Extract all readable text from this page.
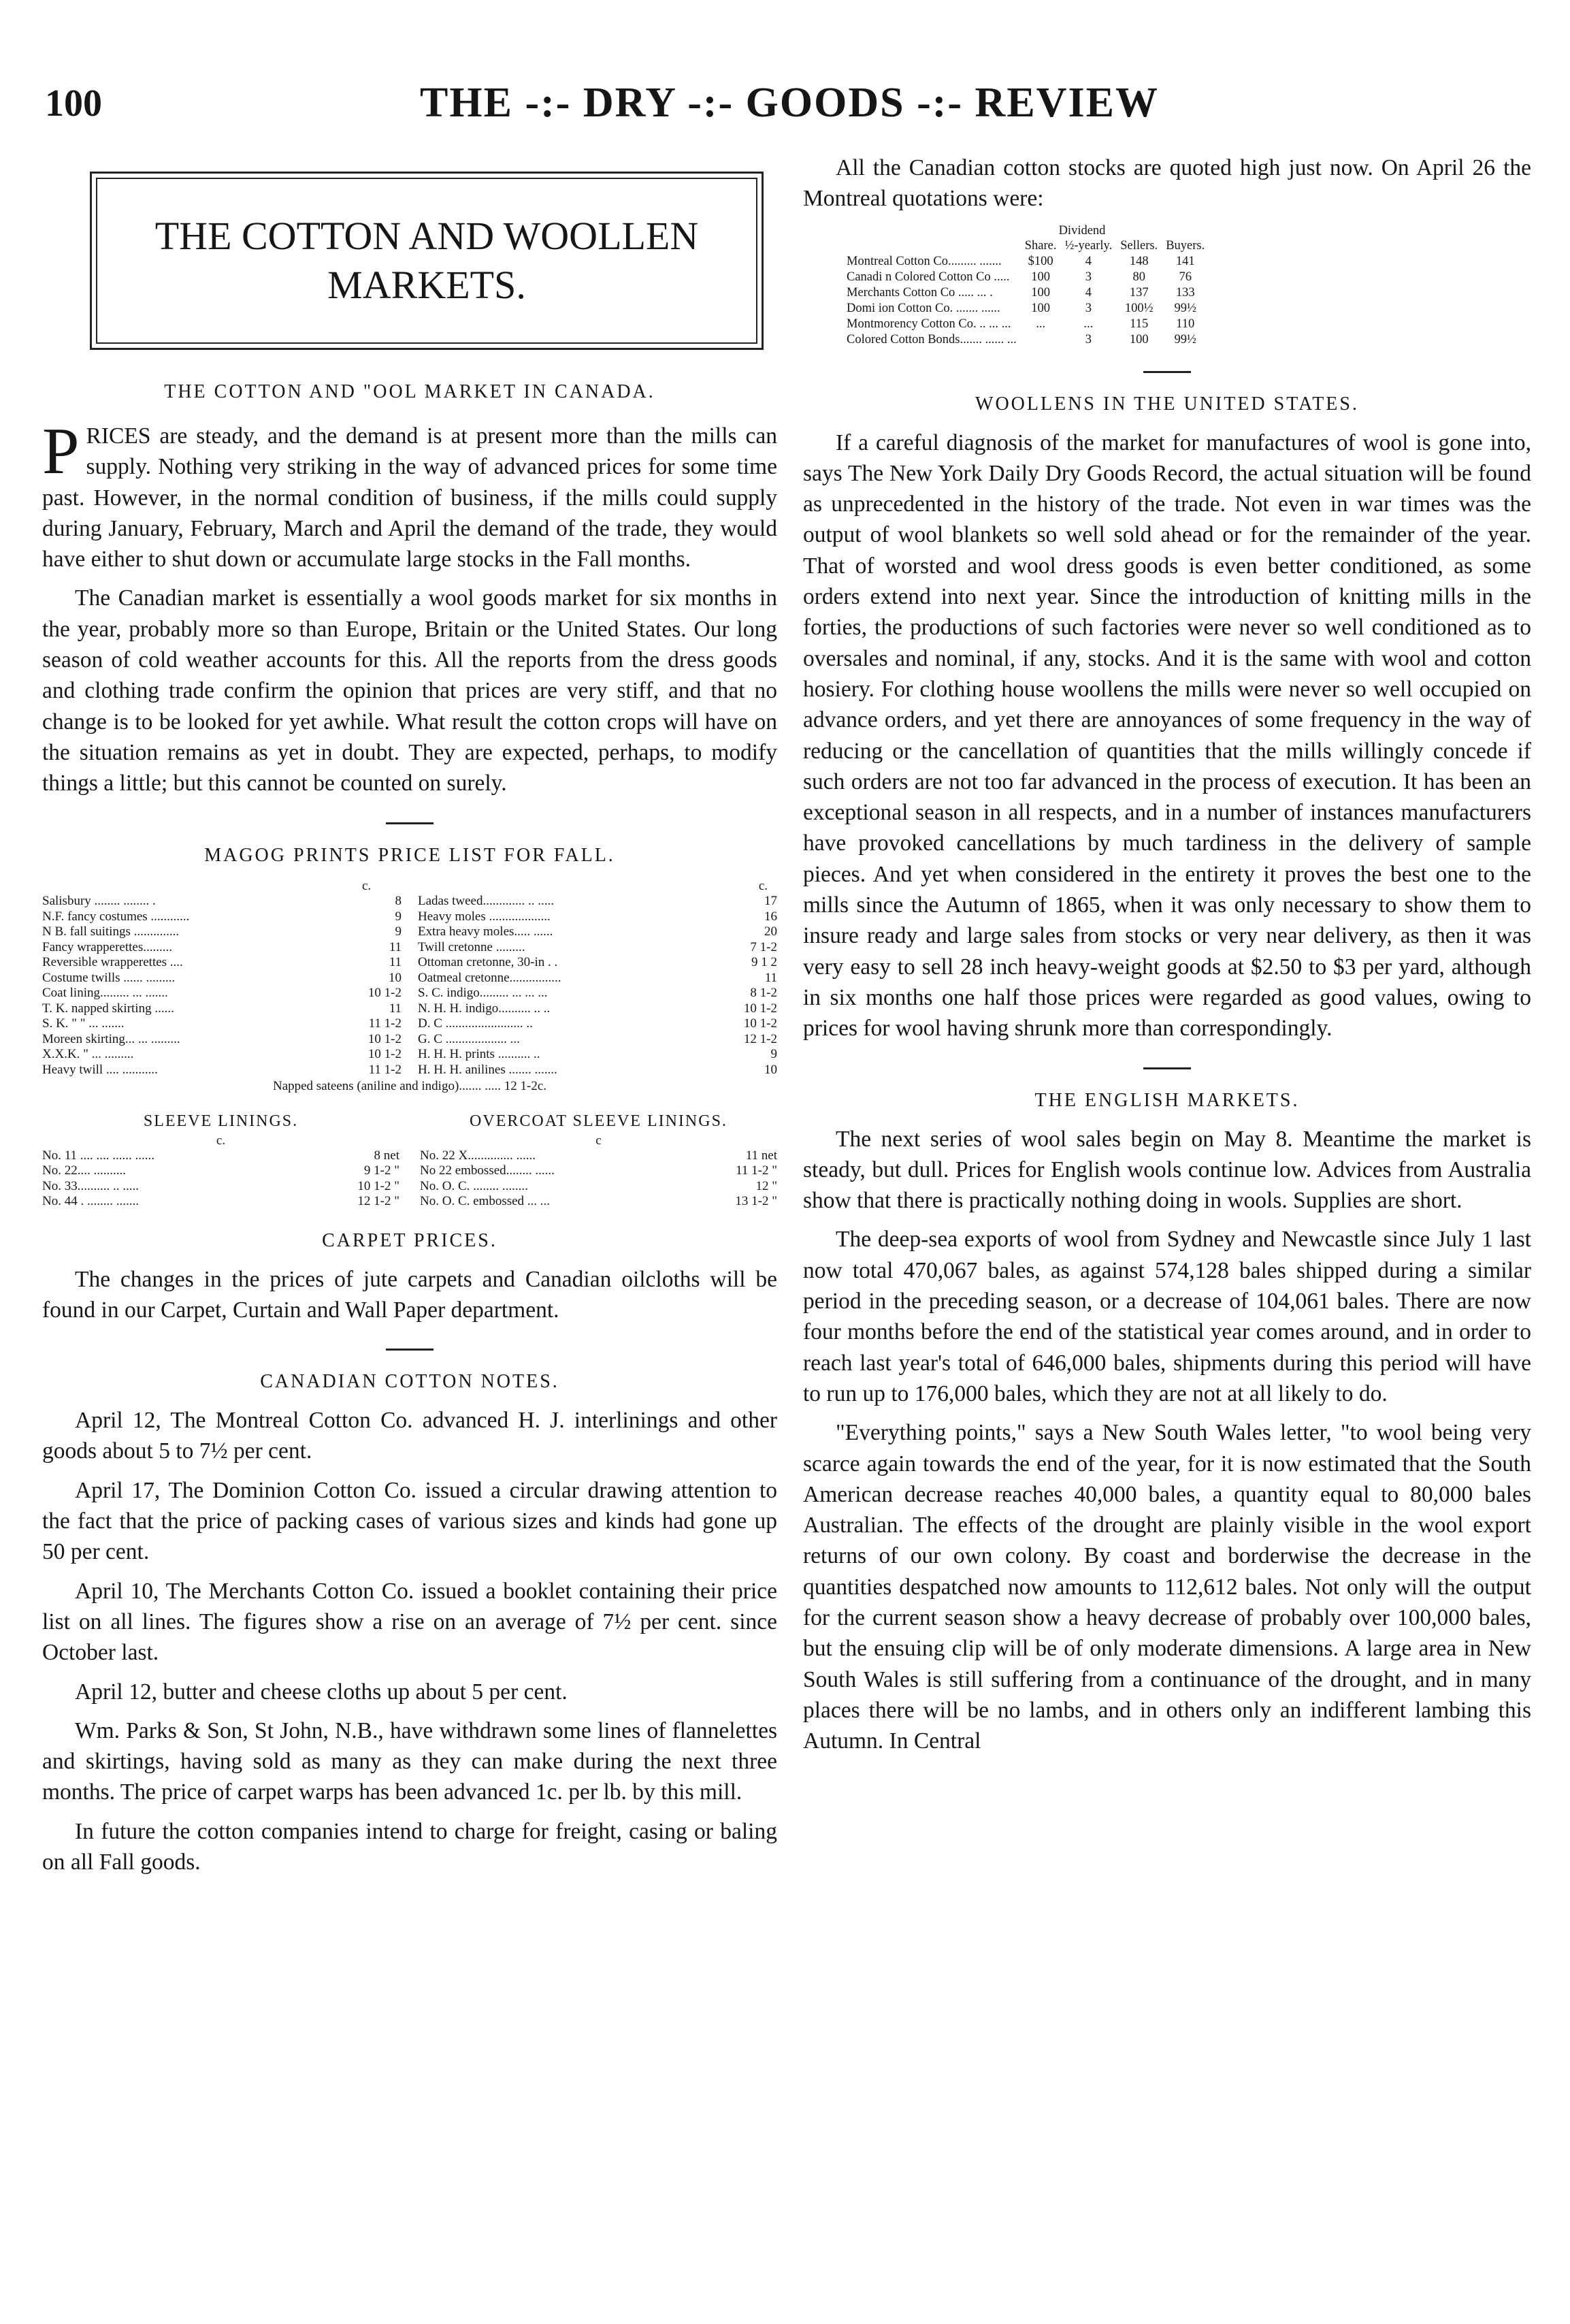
100	THE -:- DRY -:- GOODS -:- REVIEW
THE COTTON AND WOOLLEN MARKETS.
THE COTTON AND "OOL MARKET IN CANADA.

PRICES are steady, and the demand is at present more than the mills can supply. Nothing very striking in the way of advanced prices for some time past. However, in the normal condition of business, if the mills could supply during January, February, March and April the demand of the trade, they would have either to shut down or accumulate large stocks in the Fall months.

The Canadian market is essentially a wool goods market for six months in the year, probably more so than Europe, Britain or the United States. Our long season of cold weather accounts for this. All the reports from the dress goods and clothing trade confirm the opinion that prices are very stiff, and that no change is to be looked for yet awhile. What result the cotton crops will have on the situation remains as yet in doubt. They are expected, perhaps, to modify things a little; but this cannot be counted on surely.

MAGOG PRINTS PRICE LIST FOR FALL.
c.	c.
Salisbury ........ ........ .	8
N.F. fancy costumes ............	9
N B. fall suitings ..............	9
Fancy wrapperettes.........	11
Reversible wrapperettes ....	11
Costume twills ...... .........	10
Coat lining......... ... .......	10 1-2
T. K. napped skirting ......	11
S. K. " " ... .......	11 1-2
Moreen skirting... ... .........	10 1-2
X.X.K. " ... .........	10 1-2
Heavy twill .... ...........	11 1-2
Ladas tweed............. .. .....	17
Heavy moles ...................	16
Extra heavy moles..... ......	20
Twill cretonne .........	7 1-2
Ottoman cretonne, 30-in . .	9 1 2
Oatmeal cretonne................	11
S. C. indigo......... ... ... ...	8 1-2
N. H. H. indigo.......... .. ..	10 1-2
D. C ........................ ..	10 1-2
G. C ................... ...	12 1-2
H. H. H. prints .......... ..	9
H. H. H. anilines ....... .......	10
Napped sateens (aniline and indigo)....... ..... 12 1-2c.
SLEEVE LININGS.
c.
No. 11 .... .... ...... ......	8 net
No. 22.... ..........	9 1-2 "
No. 33.......... .. .....	10 1-2 "
No. 44 . ........ .......	12 1-2 "
OVERCOAT SLEEVE LININGS.
c
No. 22 X.............. ......	11 net
No 22 embossed........ ......	11 1-2 "
No. O. C. ........ ........	12 "
No. O. C. embossed ... ...	13 1-2 "
CARPET PRICES.

The changes in the prices of jute carpets and Canadian oilcloths will be found in our Carpet, Curtain and Wall Paper department.

CANADIAN COTTON NOTES.

April 12, The Montreal Cotton Co. advanced H. J. interlinings and other goods about 5 to 7½ per cent.

April 17, The Dominion Cotton Co. issued a circular drawing attention to the fact that the price of packing cases of various sizes and kinds had gone up 50 per cent.

April 10, The Merchants Cotton Co. issued a booklet containing their price list on all lines. The figures show a rise on an average of 7½ per cent. since October last.

April 12, butter and cheese cloths up about 5 per cent.

Wm. Parks & Son, St John, N.B., have withdrawn some lines of flannelettes and skirtings, having sold as many as they can make during the next three months. The price of carpet warps has been advanced 1c. per lb. by this mill.

In future the cotton companies intend to charge for freight, casing or baling on all Fall goods.

All the Canadian cotton stocks are quoted high just now. On April 26 the Montreal quotations were:

Dividend
	Share.	½-yearly.	Sellers.	Buyers.
Montreal Cotton Co......... .......	$100	4	148	141
Canadi n Colored Cotton Co .....	100	3	80	76
Merchants Cotton Co ..... ... .	100	4	137	133
Domi ion Cotton Co. ....... ......	100	3	100½	99½
Montmorency Cotton Co. .. ... ...	...	...	115	110
Colored Cotton Bonds....... ...... ...		3	100	99½
WOOLLENS IN THE UNITED STATES.

If a careful diagnosis of the market for manufactures of wool is gone into, says The New York Daily Dry Goods Record, the actual situation will be found as unprecedented in the history of the trade. Not even in war times was the output of wool blankets so well sold ahead or for the remainder of the year. That of worsted and wool dress goods is even better conditioned, as some orders extend into next year. Since the introduction of knitting mills in the forties, the productions of such factories were never so well conditioned as to oversales and nominal, if any, stocks. And it is the same with wool and cotton hosiery. For clothing house woollens the mills were never so well occupied on advance orders, and yet there are annoyances of some frequency in the way of reducing or the cancellation of quantities that the mills willingly concede if such orders are not too far advanced in the process of execution. It has been an exceptional season in all respects, and in a number of instances manufacturers have provoked cancellations by much tardiness in the delivery of sample pieces. And yet when considered in the entirety it proves the best one to the mills since the Autumn of 1865, when it was only necessary to show them to insure ready and large sales from stocks or very near delivery, as then it was very easy to sell 28 inch heavy-weight goods at $2.50 to $3 per yard, although in six months one half those prices were regarded as good values, owing to prices for wool having shrunk more than correspondingly.

THE ENGLISH MARKETS.

The next series of wool sales begin on May 8. Meantime the market is steady, but dull. Prices for English wools continue low. Advices from Australia show that there is practically nothing doing in wools. Supplies are short.

The deep-sea exports of wool from Sydney and Newcastle since July 1 last now total 470,067 bales, as against 574,128 bales shipped during a similar period in the preceding season, or a decrease of 104,061 bales. There are now four months before the end of the statistical year comes around, and in order to reach last year's total of 646,000 bales, shipments during this period will have to run up to 176,000 bales, which they are not at all likely to do.

"Everything points," says a New South Wales letter, "to wool being very scarce again towards the end of the year, for it is now estimated that the South American decrease reaches 40,000 bales, a quantity equal to 80,000 bales Australian. The effects of the drought are plainly visible in the wool export returns of our own colony. By coast and borderwise the decrease in the quantities despatched now amounts to 112,612 bales. Not only will the output for the current season show a heavy decrease of probably over 100,000 bales, but the ensuing clip will be of only moderate dimensions. A large area in New South Wales is still suffering from a continuance of the drought, and in many places there will be no lambs, and in others only an indifferent lambing this Autumn. In Central
